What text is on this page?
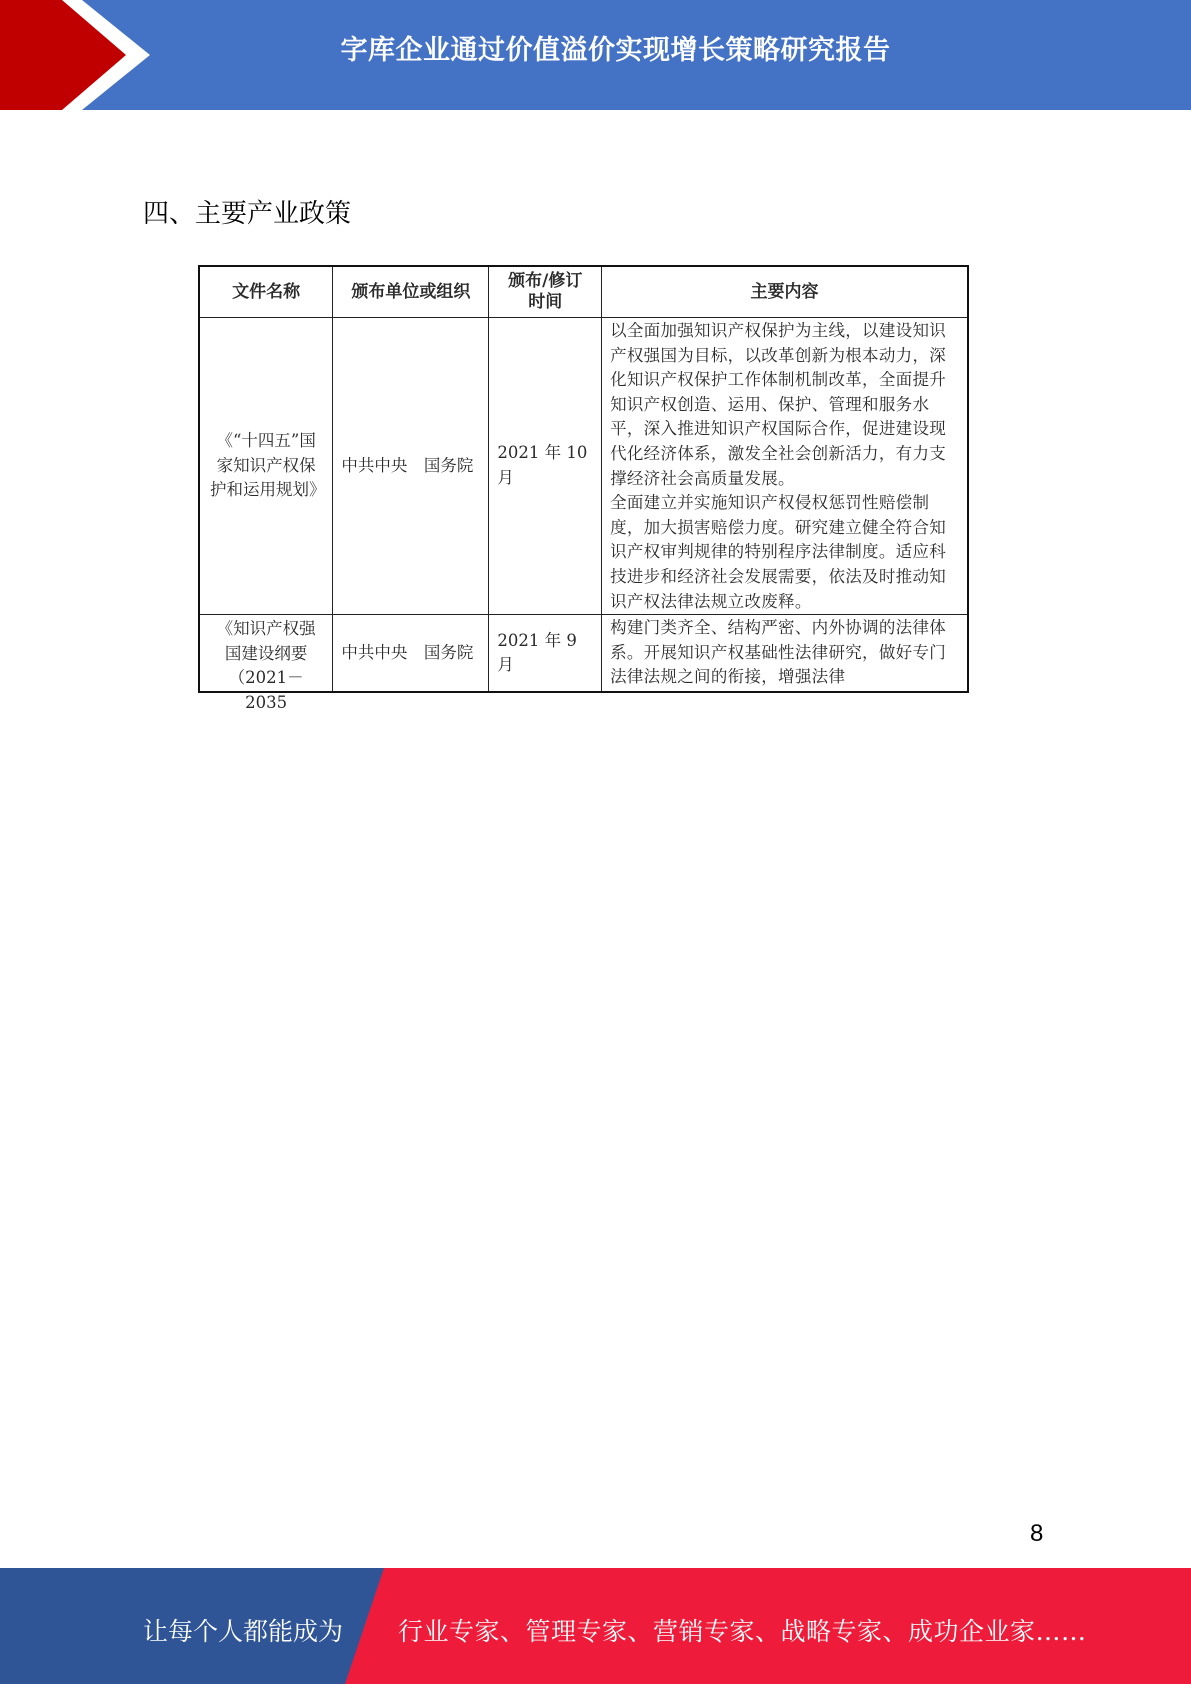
字库企业通过价值溢价实现增长策略研究报告
四、主要产业政策
文件名称	颁布单位或组织	颁布/修订时间	主要内容
《“十四五”国家知识产权保护和运用规划》	中共中央　国务院	2021 年 10 月	以全面加强知识产权保护为主线，以建设知识产权强国为目标，以改革创新为根本动力，深化知识产权保护工作体制机制改革，全面提升知识产权创造、运用、保护、管理和服务水平，深入推进知识产权国际合作，促进建设现代化经济体系，激发全社会创新活力，有力支撑经济社会高质量发展。
全面建立并实施知识产权侵权惩罚性赔偿制度，加大损害赔偿力度。研究建立健全符合知识产权审判规律的特别程序法律制度。适应科技进步和经济社会发展需要，依法及时推动知识产权法律法规立改废释。

《知识产权强国建设纲要（2021－2035	中共中央　国务院	2021 年 9 月	构建门类齐全、结构严密、内外协调的法律体系。开展知识产权基础性法律研究，做好专门法律法规之间的衔接，增强法律
8
让每个人都能成为 行业专家、管理专家、营销专家、战略专家、成功企业家……
